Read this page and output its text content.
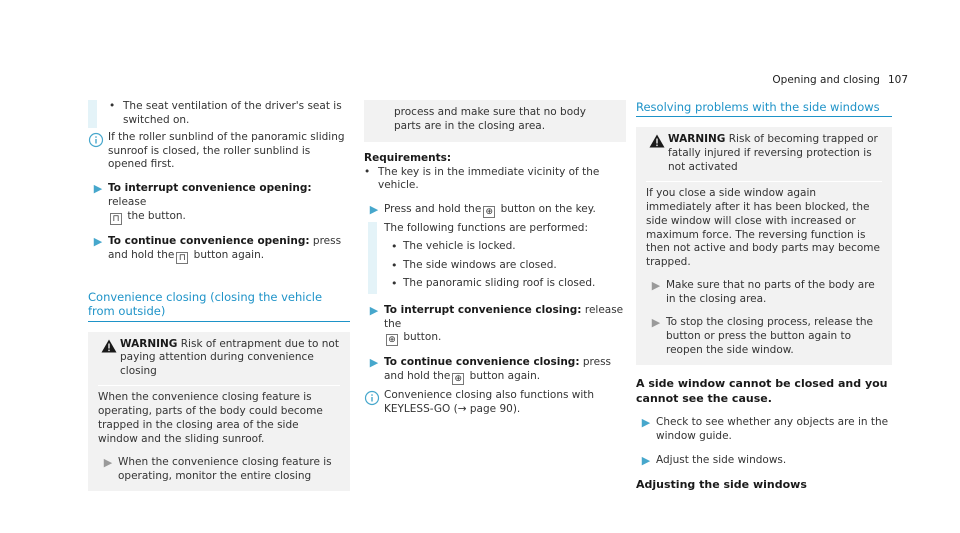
Opening and closing 107
• The seat ventilation of the driver's seat is switched on.
If the roller sunblind of the panoramic sliding sunroof is closed, the roller sunblind is opened first.
▶ To interrupt convenience opening: release
⊓ the button.
▶ To continue convenience opening: press and hold the ⊓ button again.
Convenience closing (closing the vehicle from outside)
WARNING Risk of entrapment due to not paying attention during convenience closing
When the convenience closing feature is operating, parts of the body could become trapped in the closing area of the side window and the sliding sunroof.
▶ When the convenience closing feature is operating, monitor the entire closing
process and make sure that no body parts are in the closing area.
Requirements:
• The key is in the immediate vicinity of the vehicle.
▶ Press and hold the ⊕ button on the key.
The following functions are performed:
• The vehicle is locked.
• The side windows are closed.
• The panoramic sliding roof is closed.
▶ To interrupt convenience closing: release the
⊕ button.
▶ To continue convenience closing: press and hold the ⊕ button again.
Convenience closing also functions with KEYLESS-GO (→ page 90).
Resolving problems with the side windows
WARNING Risk of becoming trapped or fatally injured if reversing protection is not activated
If you close a side window again immediately after it has been blocked, the side window will close with increased or maximum force. The reversing function is then not active and body parts may become trapped.
▶ Make sure that no parts of the body are in the closing area.
▶ To stop the closing process, release the button or press the button again to reopen the side window.
A side window cannot be closed and you cannot see the cause.
▶ Check to see whether any objects are in the window guide.
▶ Adjust the side windows.
Adjusting the side windows
